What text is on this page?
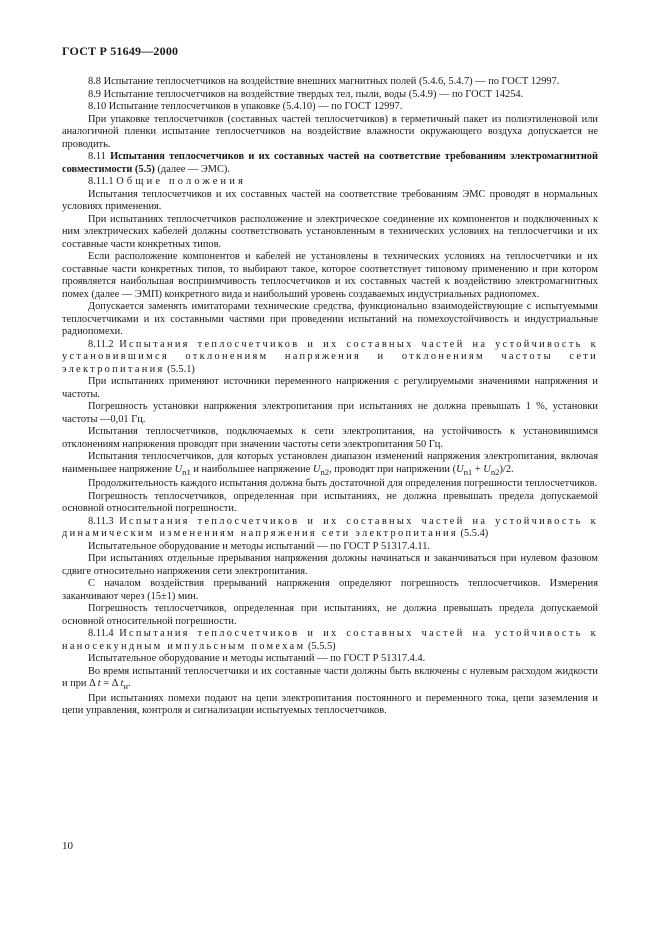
ГОСТ Р 51649—2000

8.8 Испытание теплосчетчиков на воздействие внешних магнитных полей (5.4.6, 5.4.7) — по ГОСТ 12997.

8.9 Испытание теплосчетчиков на воздействие твердых тел, пыли, воды (5.4.9) — по ГОСТ 14254.

8.10 Испытание теплосчетчиков в упаковке (5.4.10) — по ГОСТ 12997.

При упаковке теплосчетчиков (составных частей теплосчетчиков) в герметичный пакет из полиэтиленовой или аналогичной пленки испытание теплосчетчиков на воздействие влажности окружающего воздуха допускается не проводить.

8.11 Испытания теплосчетчиков и их составных частей на соответствие требованиям электромагнитной совместимости (5.5) (далее — ЭМС).

8.11.1 Общие положения

Испытания теплосчетчиков и их составных частей на соответствие требованиям ЭМС проводят в нормальных условиях применения.

При испытаниях теплосчетчиков расположение и электрическое соединение их компонентов и подключенных к ним электрических кабелей должны соответствовать установленным в технических условиях на теплосчетчики и их составные части конкретных типов.

Если расположение компонентов и кабелей не установлены в технических условиях на теплосчетчики и их составные части конкретных типов, то выбирают такое, которое соответствует типовому применению и при котором проявляется наибольшая восприимчивость теплосчетчиков и их составных частей к воздействию электромагнитных помех (далее — ЭМП) конкретного вида и наибольший уровень создаваемых индустриальных радиопомех.

Допускается заменять имитаторами технические средства, функционально взаимодействующие с испытуемыми теплосчетчиками и их составными частями при проведении испытаний на помехоустойчивость и индустриальные радиопомехи.

8.11.2 Испытания теплосчетчиков и их составных частей на устойчивость к установившимся отклонениям напряжения и отклонениям частоты сети электропитания (5.5.1)

При испытаниях применяют источники переменного напряжения с регулируемыми значениями напряжения и частоты.

Погрешность установки напряжения электропитания при испытаниях не должна превышать 1 %, установки частоты —0,01 Гц.

Испытания теплосчетчиков, подключаемых к сети электропитания, на устойчивость к установившимся отклонениям напряжения проводят при значении частоты сети электропитания 50 Гц.

Испытания теплосчетчиков, для которых установлен диапазон изменений напряжения электропитания, включая наименьшее напряжение $U_{n1}$ и наибольшее напряжение $U_{n2}$, проводят при напряжении $(U_{n1} + U_{n2})/2$.

Продолжительность каждого испытания должна быть достаточной для определения погрешности теплосчетчиков.

Погрешность теплосчетчиков, определенная при испытаниях, не должна превышать предела допускаемой основной относительной погрешности.

8.11.3 Испытания теплосчетчиков и их составных частей на устойчивость к динамическим изменениям напряжения сети электропитания (5.5.4)

Испытательное оборудование и методы испытаний — по ГОСТ Р 51317.4.11.

При испытаниях отдельные прерывания напряжения должны начинаться и заканчиваться при нулевом фазовом сдвиге относительно напряжения сети электропитания.

С началом воздействия прерываний напряжения определяют погрешность теплосчетчиков. Измерения заканчивают через (15±1) мин.

Погрешность теплосчетчиков, определенная при испытаниях, не должна превышать предела допускаемой основной относительной погрешности.

8.11.4 Испытания теплосчетчиков и их составных частей на устойчивость к наносекундным импульсным помехам (5.5.5)

Испытательное оборудование и методы испытаний — по ГОСТ Р 51317.4.4.

Во время испытаний теплосчетчики и их составные части должны быть включены с нулевым расходом жидкости и при Δ t = Δ $t_н$.

При испытаниях помехи подают на цепи электропитания постоянного и переменного тока, цепи заземления и цепи управления, контроля и сигнализации испытуемых теплосчетчиков.

10
